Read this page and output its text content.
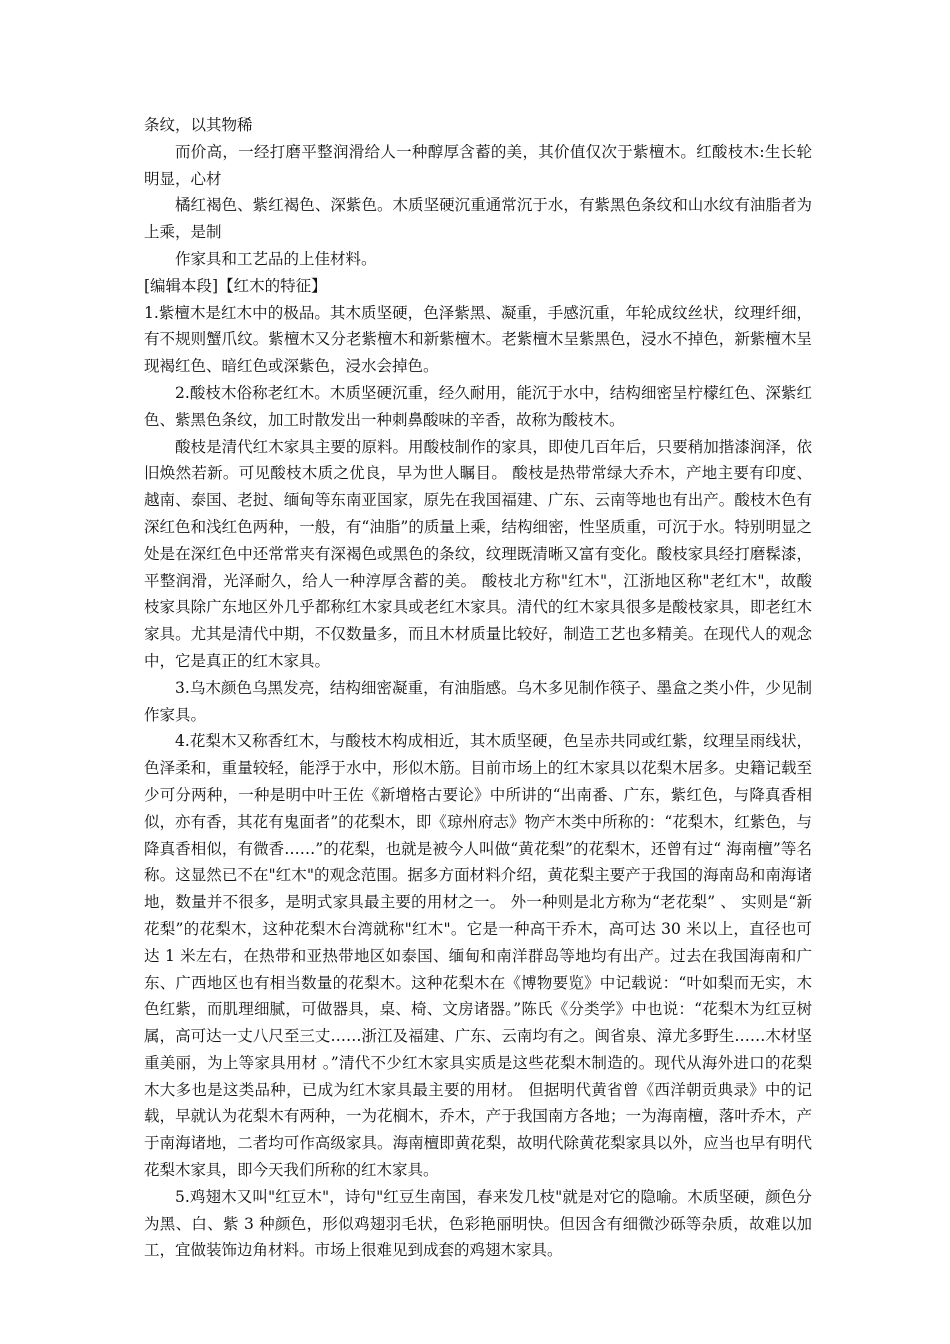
条纹，以其物稀

而价高，一经打磨平整润滑给人一种醇厚含蓄的美，其价值仅次于紫檀木。红酸枝木:生长轮明显，心材

橘红褐色、紫红褐色、深紫色。木质坚硬沉重通常沉于水，有紫黑色条纹和山水纹有油脂者为上乘，是制

作家具和工艺品的上佳材料。

[编辑本段]【红木的特征】

1.紫檀木是红木中的极品。其木质坚硬，色泽紫黑、凝重，手感沉重，年轮成纹丝状，纹理纤细，有不规则蟹爪纹。紫檀木又分老紫檀木和新紫檀木。老紫檀木呈紫黑色，浸水不掉色，新紫檀木呈现褐红色、暗红色或深紫色，浸水会掉色。

2.酸枝木俗称老红木。木质坚硬沉重，经久耐用，能沉于水中，结构细密呈柠檬红色、深紫红色、紫黑色条纹，加工时散发出一种刺鼻酸味的辛香，故称为酸枝木。

酸枝是清代红木家具主要的原料。用酸枝制作的家具，即使几百年后，只要稍加揩漆润泽，依旧焕然若新。可见酸枝木质之优良，早为世人瞩目。 酸枝是热带常绿大乔木，产地主要有印度、越南、泰国、老挝、缅甸等东南亚国家，原先在我国福建、广东、云南等地也有出产。酸枝木色有深红色和浅红色两种，一般，有“油脂”的质量上乘，结构细密，性坚质重，可沉于水。特别明显之处是在深红色中还常常夹有深褐色或黑色的条纹，纹理既清晰又富有变化。酸枝家具经打磨髹漆，平整润滑，光泽耐久，给人一种淳厚含蓄的美。 酸枝北方称"红木"，江浙地区称"老红木"，故酸枝家具除广东地区外几乎都称红木家具或老红木家具。清代的红木家具很多是酸枝家具，即老红木家具。尤其是清代中期，不仅数量多，而且木材质量比较好，制造工艺也多精美。在现代人的观念中，它是真正的红木家具。

3.乌木颜色乌黑发亮，结构细密凝重，有油脂感。乌木多见制作筷子、墨盒之类小件，少见制作家具。

4.花梨木又称香红木，与酸枝木构成相近，其木质坚硬，色呈赤共同或红紫，纹理呈雨线状，色泽柔和，重量较轻，能浮于水中，形似木筋。目前市场上的红木家具以花梨木居多。史籍记载至少可分两种，一种是明中叶王佐《新增格古要论》中所讲的“出南番、广东，紫红色，与降真香相似，亦有香，其花有鬼面者”的花梨木，即《琼州府志》物产木类中所称的：“花梨木，红紫色，与降真香相似，有微香……”的花梨，也就是被今人叫做“黄花梨”的花梨木，还曾有过“ 海南檀”等名称。这显然已不在"红木"的观念范围。据多方面材料介绍，黄花梨主要产于我国的海南岛和南海诸地，数量并不很多，是明式家具最主要的用材之一。 外一种则是北方称为“老花梨” 、 实则是“新花梨”的花梨木，这种花梨木台湾就称"红木"。它是一种高干乔木，高可达 30 米以上，直径也可达 1 米左右，在热带和亚热带地区如泰国、缅甸和南洋群岛等地均有出产。过去在我国海南和广东、广西地区也有相当数量的花梨木。这种花梨木在《博物要览》中记载说：“叶如梨而无实，木色红紫，而肌理细腻，可做器具，桌、椅、文房诸器。”陈氏《分类学》中也说：“花梨木为红豆树属，高可达一丈八尺至三丈……浙江及福建、广东、云南均有之。闽省泉、漳尤多野生……木材坚重美丽，为上等家具用材 。”清代不少红木家具实质是这些花梨木制造的。现代从海外进口的花梨木大多也是这类品种，已成为红木家具最主要的用材。 但据明代黄省曾《西洋朝贡典录》中的记载，早就认为花梨木有两种，一为花榈木，乔木，产于我国南方各地；一为海南檀，落叶乔木，产于南海诸地，二者均可作高级家具。海南檀即黄花梨，故明代除黄花梨家具以外，应当也早有明代花梨木家具，即今天我们所称的红木家具。

5.鸡翅木又叫"红豆木"，诗句"红豆生南国，春来发几枝"就是对它的隐喻。木质坚硬，颜色分为黑、白、紫 3 种颜色，形似鸡翅羽毛状，色彩艳丽明快。但因含有细微沙砾等杂质，故难以加工，宜做装饰边角材料。市场上很难见到成套的鸡翅木家具。
